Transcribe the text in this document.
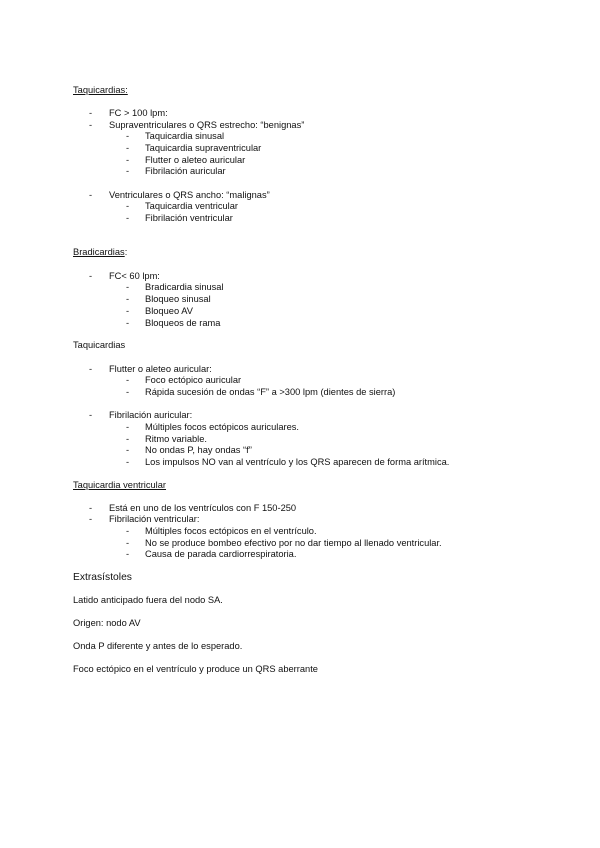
Taquicardias:
- FC > 100 lpm:
- Supraventriculares o QRS estrecho: “benignas”
- Taquicardia sinusal
- Taquicardia supraventricular
- Flutter o aleteo auricular
- Fibrilación auricular
- Ventriculares o QRS ancho: “malignas”
- Taquicardia ventricular
- Fibrilación ventricular
Bradicardias:
- FC< 60 lpm:
- Bradicardia sinusal
- Bloqueo sinusal
- Bloqueo AV
- Bloqueos de rama
Taquicardias
- Flutter o aleteo auricular:
- Foco ectópico auricular
- Rápida sucesión de ondas “F” a >300 lpm (dientes de sierra)
- Fibrilación auricular:
- Múltiples focos ectópicos auriculares.
- Ritmo variable.
- No ondas P, hay ondas “f”
- Los impulsos NO van al ventrículo y los QRS aparecen de forma arítmica.
Taquicardia ventricular
- Está en uno de los ventrículos con F 150-250
- Fibrilación ventricular:
- Múltiples focos ectópicos en el ventrículo.
- No se produce bombeo efectivo por no dar tiempo al llenado ventricular.
- Causa de parada cardiorrespiratoria.
Extrasístoles
Latido anticipado fuera del nodo SA.
Origen: nodo AV
Onda P diferente y antes de lo esperado.
Foco ectópico en el ventrículo y produce un QRS aberrante
